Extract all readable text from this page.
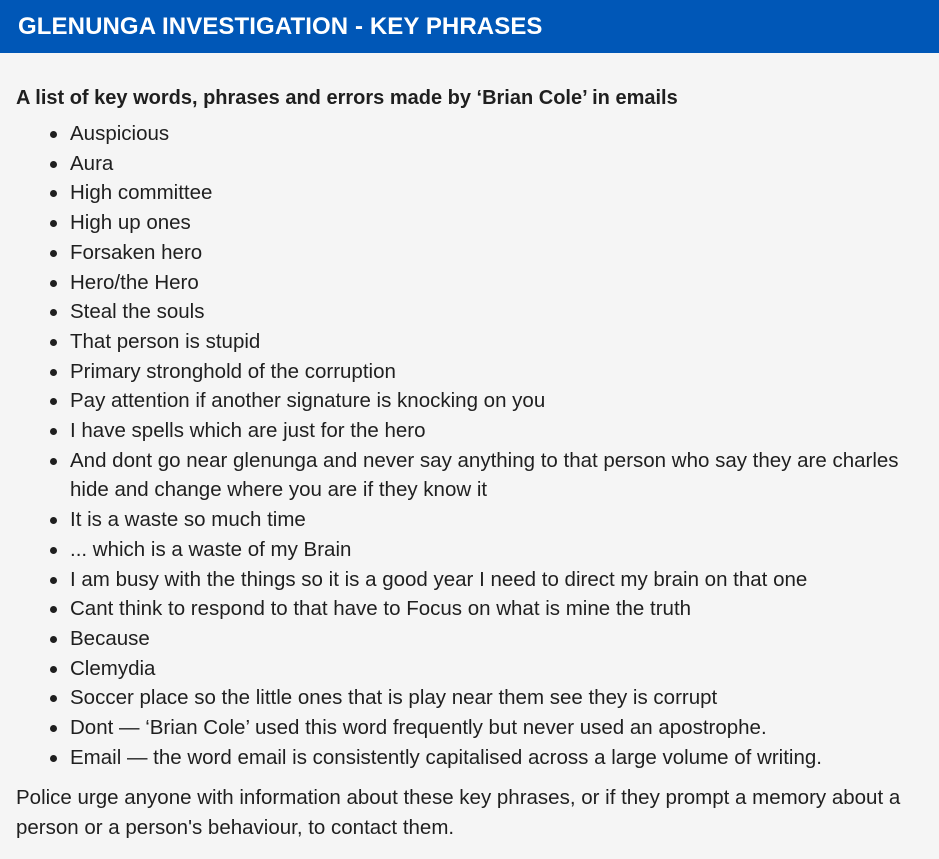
GLENUNGA INVESTIGATION - KEY PHRASES
A list of key words, phrases and errors made by ‘Brian Cole’ in emails
Auspicious
Aura
High committee
High up ones
Forsaken hero
Hero/the Hero
Steal the souls
That person is stupid
Primary stronghold of the corruption
Pay attention if another signature is knocking on you
I have spells which are just for the hero
And dont go near glenunga and never say anything to that person who say they are charles hide and change where you are if they know it
It is a waste so much time
... which is a waste of my Brain
I am busy with the things so it is a good year I need to direct my brain on that one
Cant think to respond to that have to Focus on what is mine the truth
Because
Clemydia
Soccer place so the little ones that is play near them see they is corrupt
Dont — ‘Brian Cole’ used this word frequently but never used an apostrophe.
Email — the word email is consistently capitalised across a large volume of writing.

Police urge anyone with information about these key phrases, or if they prompt a memory about a person or a person's behaviour, to contact them.
